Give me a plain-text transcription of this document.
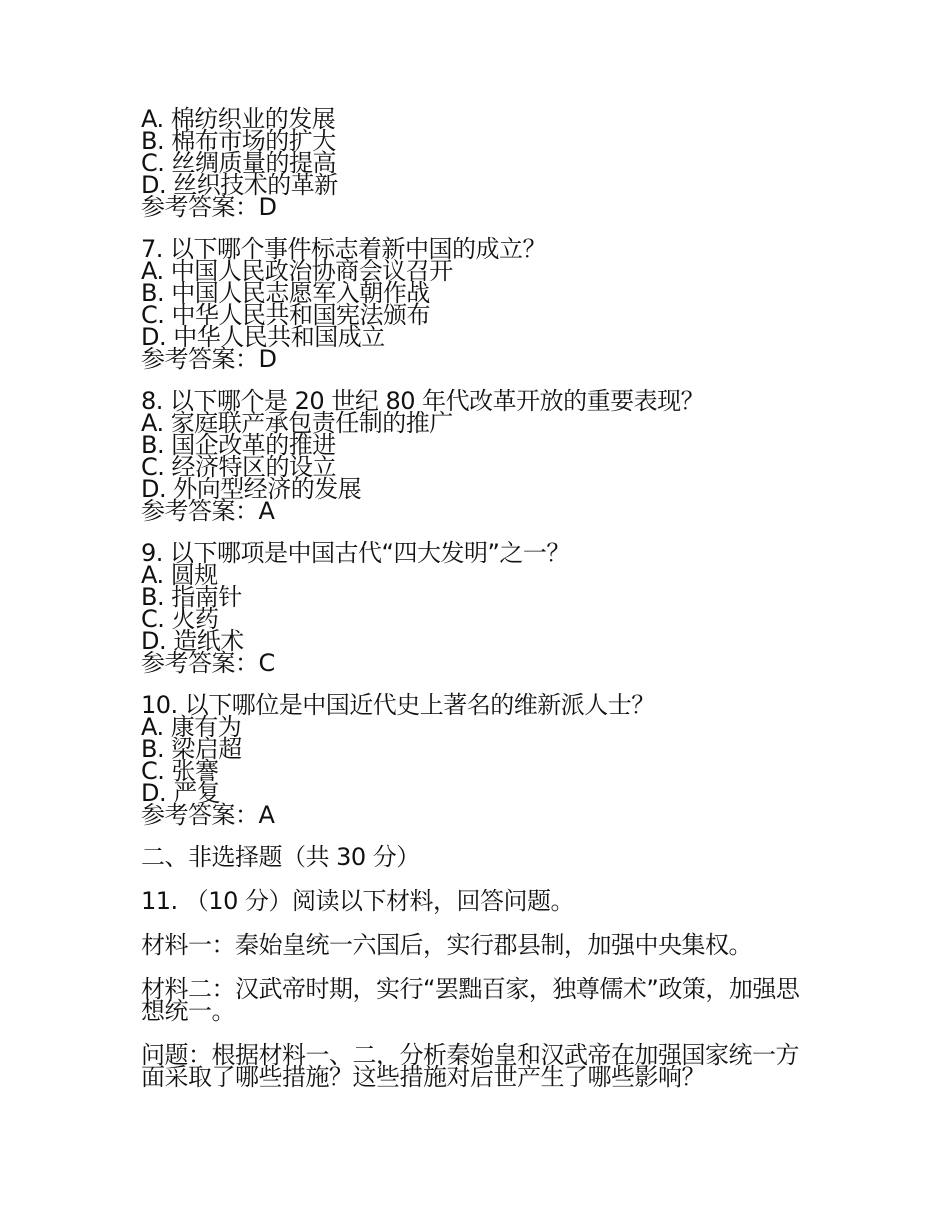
A. 棉纺织业的发展
B. 棉布市场的扩大
C. 丝绸质量的提高
D. 丝织技术的革新
参考答案：D
7. 以下哪个事件标志着新中国的成立？
A. 中国人民政治协商会议召开
B. 中国人民志愿军入朝作战
C. 中华人民共和国宪法颁布
D. 中华人民共和国成立
参考答案：D
8. 以下哪个是 20 世纪 80 年代改革开放的重要表现？
A. 家庭联产承包责任制的推广
B. 国企改革的推进
C. 经济特区的设立
D. 外向型经济的发展
参考答案：A
9. 以下哪项是中国古代“四大发明”之一？
A. 圆规
B. 指南针
C. 火药
D. 造纸术
参考答案：C
10. 以下哪位是中国近代史上著名的维新派人士？
A. 康有为
B. 梁启超
C. 张謇
D. 严复
参考答案：A
二、非选择题（共 30 分）
11. （10 分）阅读以下材料，回答问题。
材料一：秦始皇统一六国后，实行郡县制，加强中央集权。
材料二：汉武帝时期，实行“罢黜百家，独尊儒术”政策，加强思想统一。
问题：根据材料一、二，分析秦始皇和汉武帝在加强国家统一方面采取了哪些措施？这些措施对后世产生了哪些影响？
